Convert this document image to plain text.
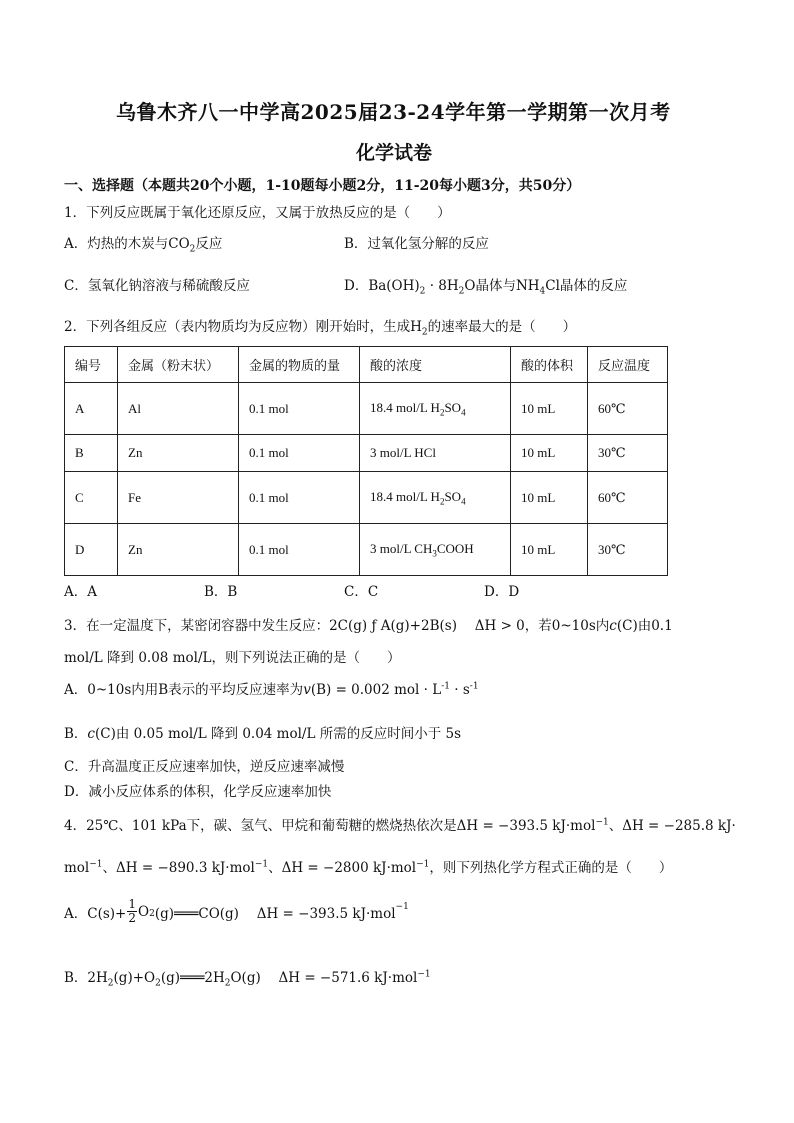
乌鲁木齐八一中学高2025届23-24学年第一学期第一次月考
化学试卷
一、选择题（本题共20个小题，1-10题每小题2分，11-20每小题3分，共50分）
1．下列反应既属于氧化还原反应，又属于放热反应的是（　　）
A．灼热的木炭与$CO_2$反应	B．过氧化氢分解的反应
C．氢氧化钠溶液与稀硫酸反应	D．$Ba(OH)_2 \cdot 8H_2O$晶体与$NH_4Cl$晶体的反应
2．下列各组反应（表内物质均为反应物）刚开始时，生成$H_2$的速率最大的是（　　）
编号	金属（粉末状）	金属的物质的量	酸的浓度	酸的体积	反应温度
A	Al	0.1 mol	18.4 mol/L $H_2SO_4$	10 mL	60℃
B	Zn	0.1 mol	3 mol/L HCl	10 mL	30℃
C	Fe	0.1 mol	18.4 mol/L $H_2SO_4$	10 mL	60℃
D	Zn	0.1 mol	3 mol/L $CH_3COOH$	10 mL	30℃
A．A	B．B	C．C	D．D
3．在一定温度下，某密闭容器中发生反应：2C(g) ƒ A(g)+2B(s)　 ΔH > 0，若0~10s内c(C)由0.1
mol/L 降到 0.08 mol/L，则下列说法正确的是（　　）
A．0~10s内用B表示的平均反应速率为v(B) = 0.002 mol · $L^{-1} \cdot s^{-1}$
B．c(C)由 0.05 mol/L 降到 0.04 mol/L 所需的反应时间小于 5s
C．升高温度正反应速率加快，逆反应速率减慢
D．减小反应体系的体积，化学反应速率加快
4．25℃、101 kPa下，碳、氢气、甲烷和葡萄糖的燃烧热依次是ΔH = −393.5 kJ·mol$^{-1}$、ΔH = −285.8 kJ·
mol$^{-1}$、ΔH = −890.3 kJ·mol$^{-1}$、ΔH = −2800 kJ·mol$^{-1}$，则下列热化学方程式正确的是（　　）
A．$C(s)+ \frac{1}{2}$ O 2 (g)═══CO(g)　 ΔH = −393.5 kJ·mol$^{-1}$
B．$2H_2(g)+O_2(g)═══2H_2O(g)$　 ΔH = −571.6 kJ·mol$^{-1}$
